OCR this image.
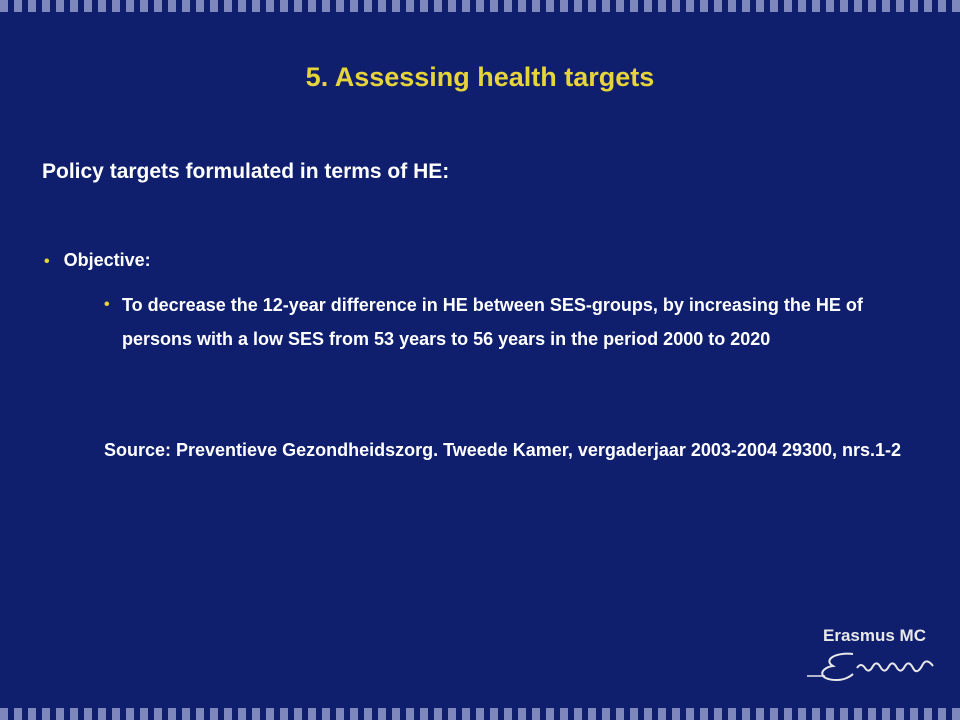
5. Assessing health targets
Policy targets formulated in terms of HE:
• Objective:
• To decrease the 12-year difference in HE between SES-groups, by increasing the HE of persons with a low SES from 53 years to 56 years in the period 2000 to 2020
Source: Preventieve Gezondheidszorg. Tweede Kamer, vergaderjaar 2003-2004 29300, nrs.1-2
Erasmus MC
